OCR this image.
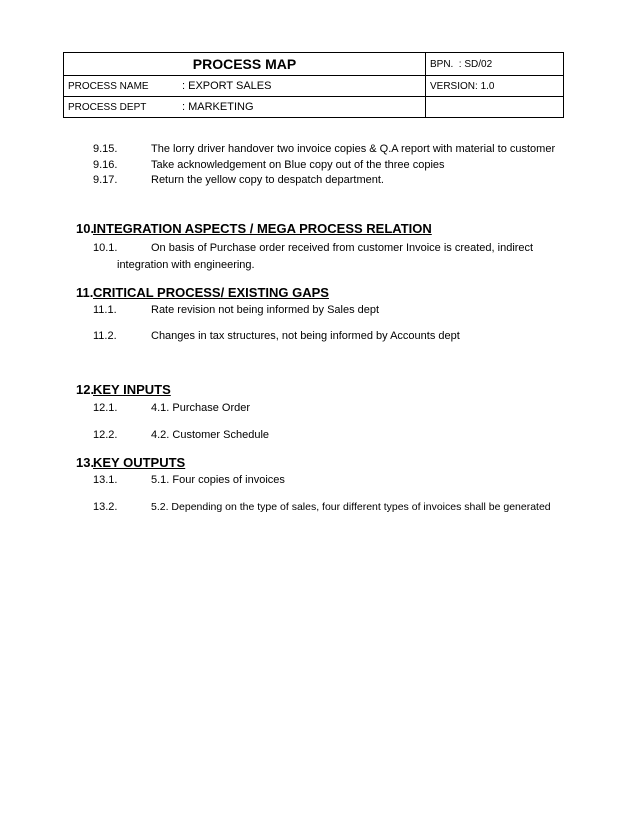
PROCESS MAP	BPN. : SD/02
PROCESS NAME : EXPORT SALES	VERSION: 1.0
PROCESS DEPT : MARKETING	
9.15.	The lorry driver handover two invoice copies & Q.A report with material to customer
9.16.	Take acknowledgement on Blue copy out of the three copies
9.17.	Return the yellow copy to despatch department.
10.INTEGRATION ASPECTS / MEGA PROCESS RELATION
10.1.	On basis of Purchase order received from customer Invoice is created, indirect
integration with engineering.
11.CRITICAL PROCESS/ EXISTING GAPS
11.1.	Rate revision not being informed by Sales dept
11.2.	Changes in tax structures, not being informed by Accounts dept
12.KEY INPUTS
12.1.	4.1. Purchase Order
12.2.	4.2. Customer Schedule
13.KEY OUTPUTS
13.1.	5.1. Four copies of invoices
13.2.	5.2. Depending on the type of sales, four different types of invoices shall be generated
